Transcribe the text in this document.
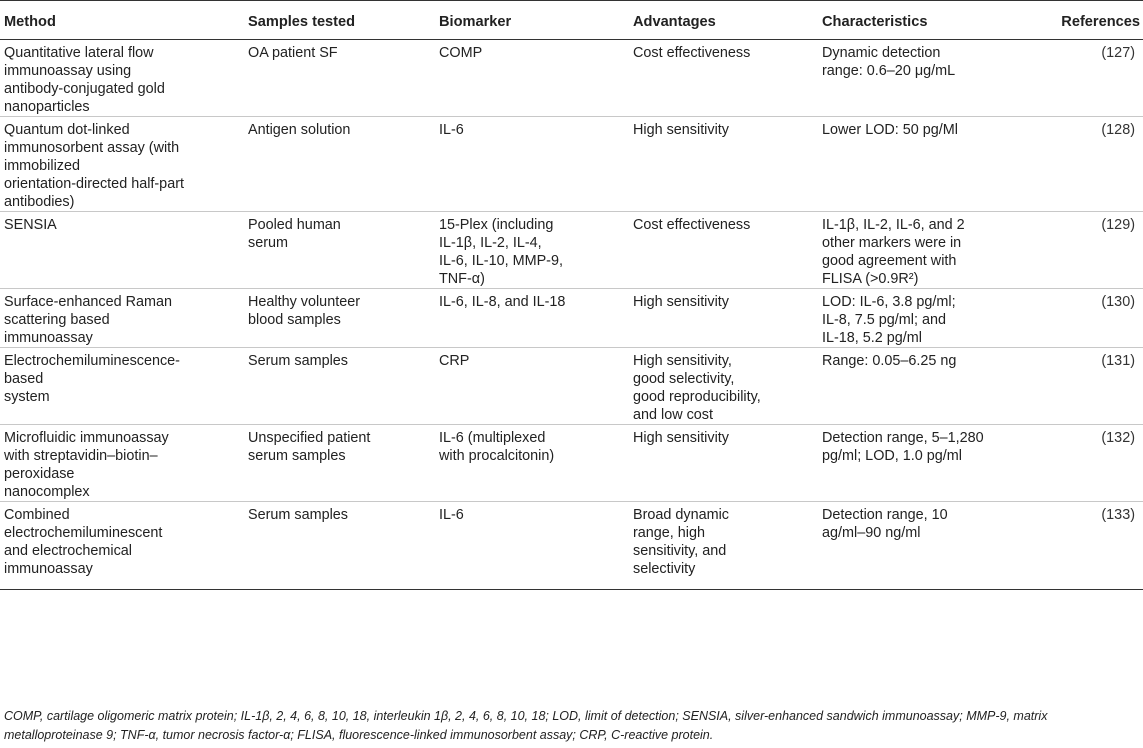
Method	Samples tested	Biomarker	Advantages	Characteristics	References

Quantitative lateral flow
immunoassay using
antibody-conjugated gold
nanoparticles	OA patient SF	COMP	Cost effectiveness	Dynamic detection
range: 0.6–20 μg/mL	(127)

Quantum dot-linked
immunosorbent assay (with
immobilized
orientation-directed half-part
antibodies)	Antigen solution	IL-6	High sensitivity	Lower LOD: 50 pg/Ml	(128)

SENSIA	Pooled human
serum	15-Plex (including
IL-1β, IL-2, IL-4,
IL-6, IL-10, MMP-9,
TNF-α)	Cost effectiveness	IL-1β, IL-2, IL-6, and 2
other markers were in
good agreement with
FLISA (>0.9R²)	(129)

Surface-enhanced Raman
scattering based
immunoassay	Healthy volunteer
blood samples	IL-6, IL-8, and IL-18	High sensitivity	LOD: IL-6, 3.8 pg/ml;
IL-8, 7.5 pg/ml; and
IL-18, 5.2 pg/ml	(130)

Electrochemiluminescence-
based
system	Serum samples	CRP	High sensitivity,
good selectivity,
good reproducibility,
and low cost	Range: 0.05–6.25 ng	(131)

Microfluidic immunoassay
with streptavidin–biotin–
peroxidase
nanocomplex	Unspecified patient
serum samples	IL-6 (multiplexed
with procalcitonin)	High sensitivity	Detection range, 5–1,280
pg/ml; LOD, 1.0 pg/ml	(132)

Combined
electrochemiluminescent
and electrochemical
immunoassay	Serum samples	IL-6	Broad dynamic
range, high
sensitivity, and
selectivity	Detection range, 10
ag/ml–90 ng/ml	(133)
COMP, cartilage oligomeric matrix protein; IL-1β, 2, 4, 6, 8, 10, 18, interleukin 1β, 2, 4, 6, 8, 10, 18; LOD, limit of detection; SENSIA, silver-enhanced sandwich immunoassay; MMP-9, matrix metalloproteinase 9; TNF-α, tumor necrosis factor-α; FLISA, fluorescence-linked immunosorbent assay; CRP, C-reactive protein.
